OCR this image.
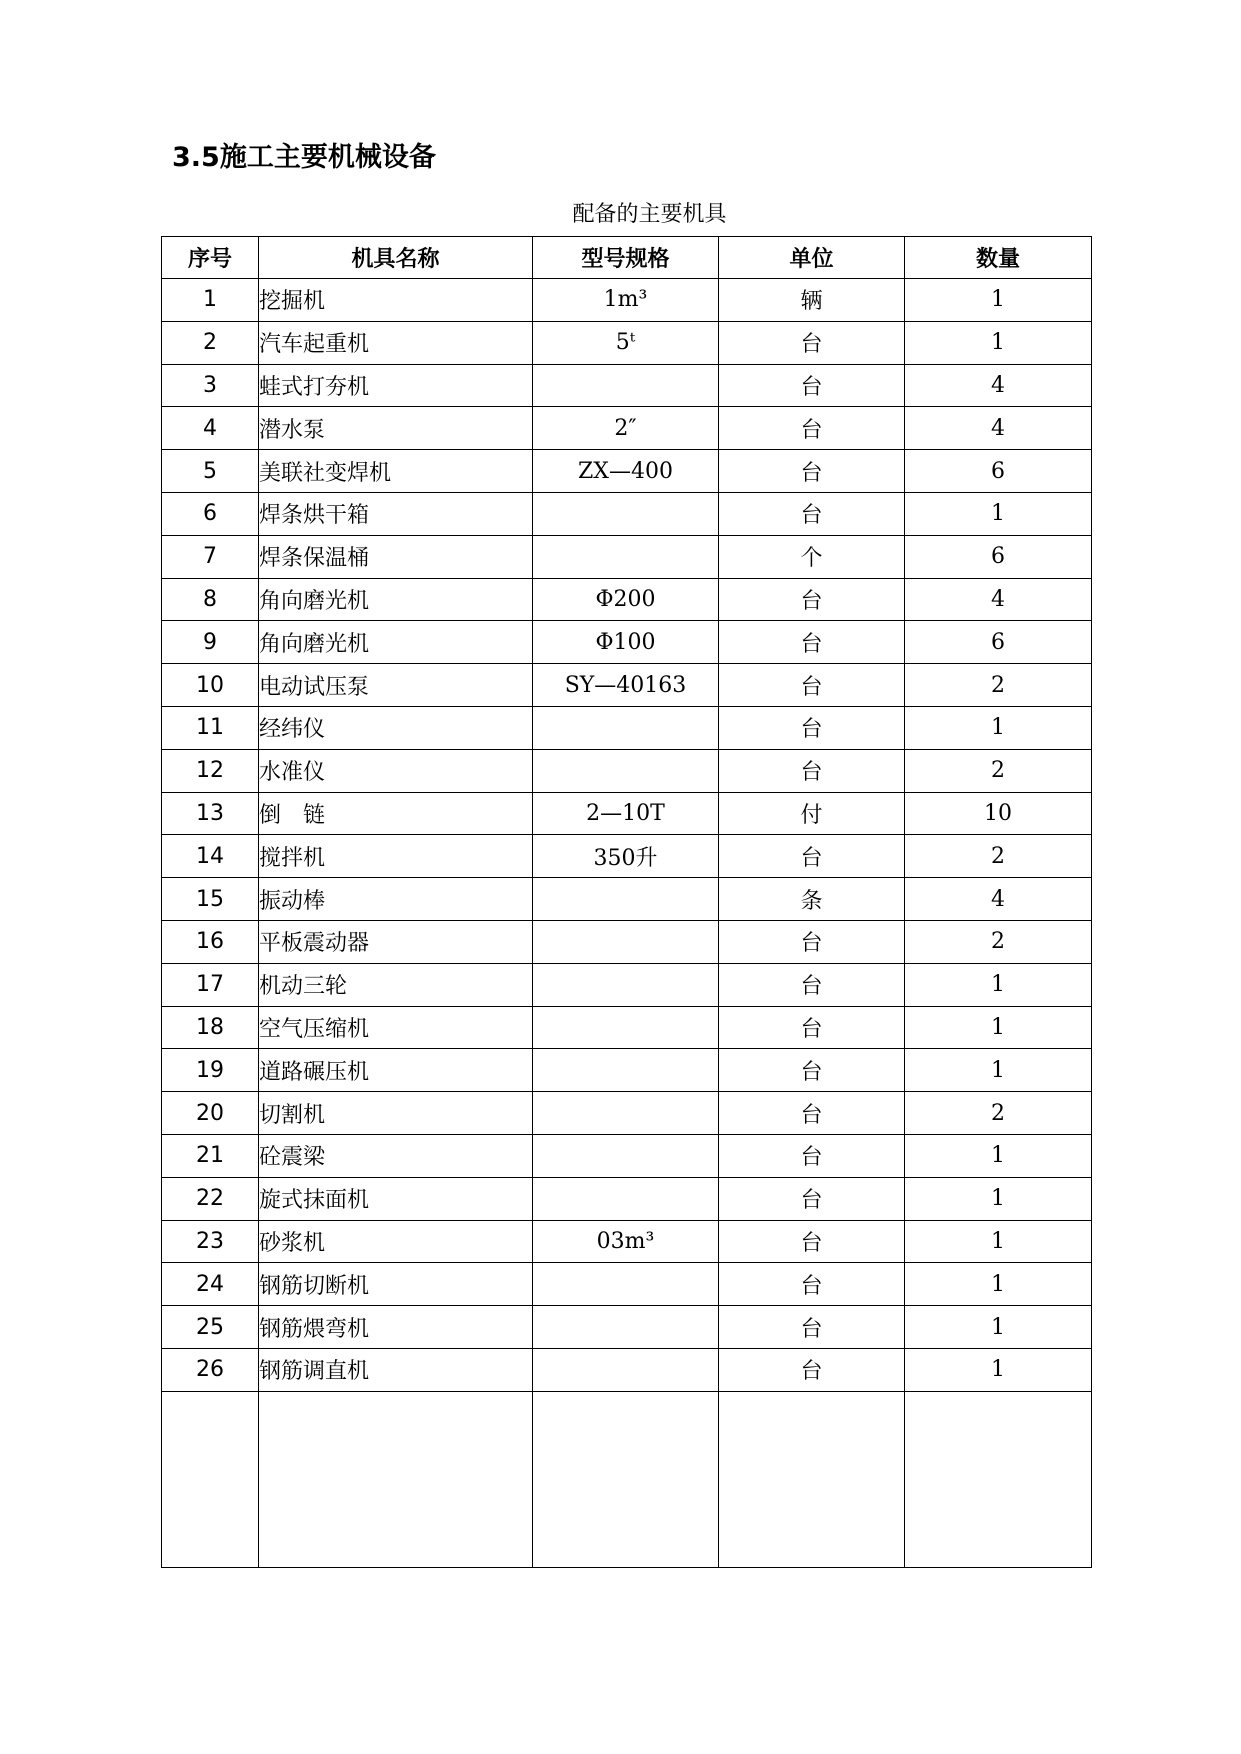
3.5施工主要机械设备
配备的主要机具
序号	机具名称	型号规格	单位	数量
1	挖掘机	1m³	辆	1
2	汽车起重机	5ᵗ	台	1
3	蛙式打夯机		台	4
4	潜水泵	2″	台	4
5	美联社变焊机	ZX—400	台	6
6	焊条烘干箱		台	1
7	焊条保温桶		个	6
8	角向磨光机	Φ200	台	4
9	角向磨光机	Φ100	台	6
10	电动试压泵	SY—40163	台	2
11	经纬仪		台	1
12	水准仪		台	2
13	倒　链	2—10T	付	10
14	搅拌机	350升	台	2
15	振动棒		条	4
16	平板震动器		台	2
17	机动三轮		台	1
18	空气压缩机		台	1
19	道路碾压机		台	1
20	切割机		台	2
21	砼震梁		台	1
22	旋式抹面机		台	1
23	砂浆机	03m³	台	1
24	钢筋切断机		台	1
25	钢筋煨弯机		台	1
26	钢筋调直机		台	1
